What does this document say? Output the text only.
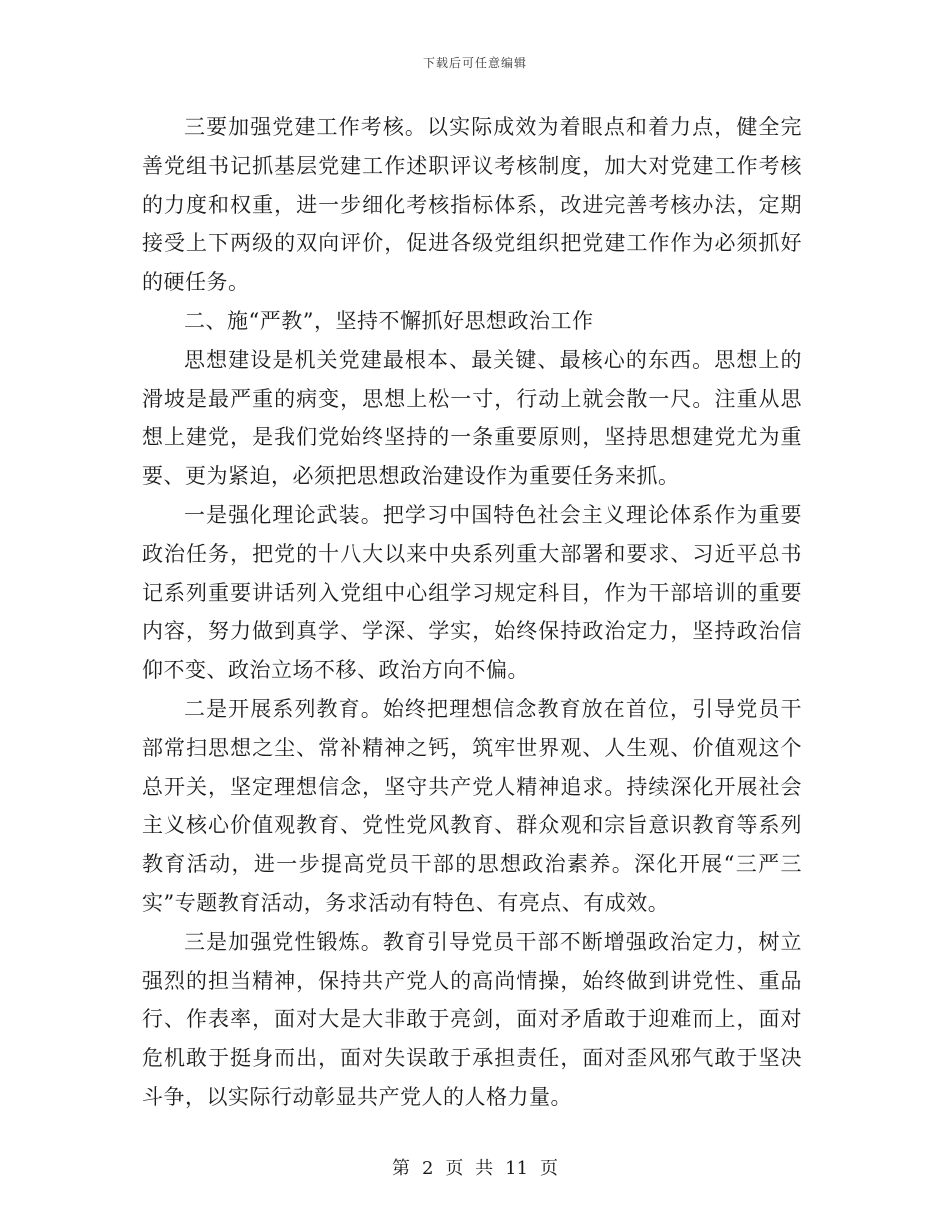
下载后可任意编辑

三要加强党建工作考核。以实际成效为着眼点和着力点，健全完善党组书记抓基层党建工作述职评议考核制度，加大对党建工作考核的力度和权重，进一步细化考核指标体系，改进完善考核办法，定期接受上下两级的双向评价，促进各级党组织把党建工作作为必须抓好的硬任务。

二、施“严教”，坚持不懈抓好思想政治工作

思想建设是机关党建最根本、最关键、最核心的东西。思想上的滑坡是最严重的病变，思想上松一寸，行动上就会散一尺。注重从思想上建党，是我们党始终坚持的一条重要原则，坚持思想建党尤为重要、更为紧迫，必须把思想政治建设作为重要任务来抓。

一是强化理论武装。把学习中国特色社会主义理论体系作为重要政治任务，把党的十八大以来中央系列重大部署和要求、习近平总书记系列重要讲话列入党组中心组学习规定科目，作为干部培训的重要内容，努力做到真学、学深、学实，始终保持政治定力，坚持政治信仰不变、政治立场不移、政治方向不偏。

二是开展系列教育。始终把理想信念教育放在首位，引导党员干部常扫思想之尘、常补精神之钙，筑牢世界观、人生观、价值观这个总开关，坚定理想信念，坚守共产党人精神追求。持续深化开展社会主义核心价值观教育、党性党风教育、群众观和宗旨意识教育等系列教育活动，进一步提高党员干部的思想政治素养。深化开展“三严三实”专题教育活动，务求活动有特色、有亮点、有成效。

三是加强党性锻炼。教育引导党员干部不断增强政治定力，树立强烈的担当精神，保持共产党人的高尚情操，始终做到讲党性、重品行、作表率，面对大是大非敢于亮剑，面对矛盾敢于迎难而上，面对危机敢于挺身而出，面对失误敢于承担责任，面对歪风邪气敢于坚决斗争，以实际行动彰显共产党人的人格力量。

第 2 页 共 11 页
